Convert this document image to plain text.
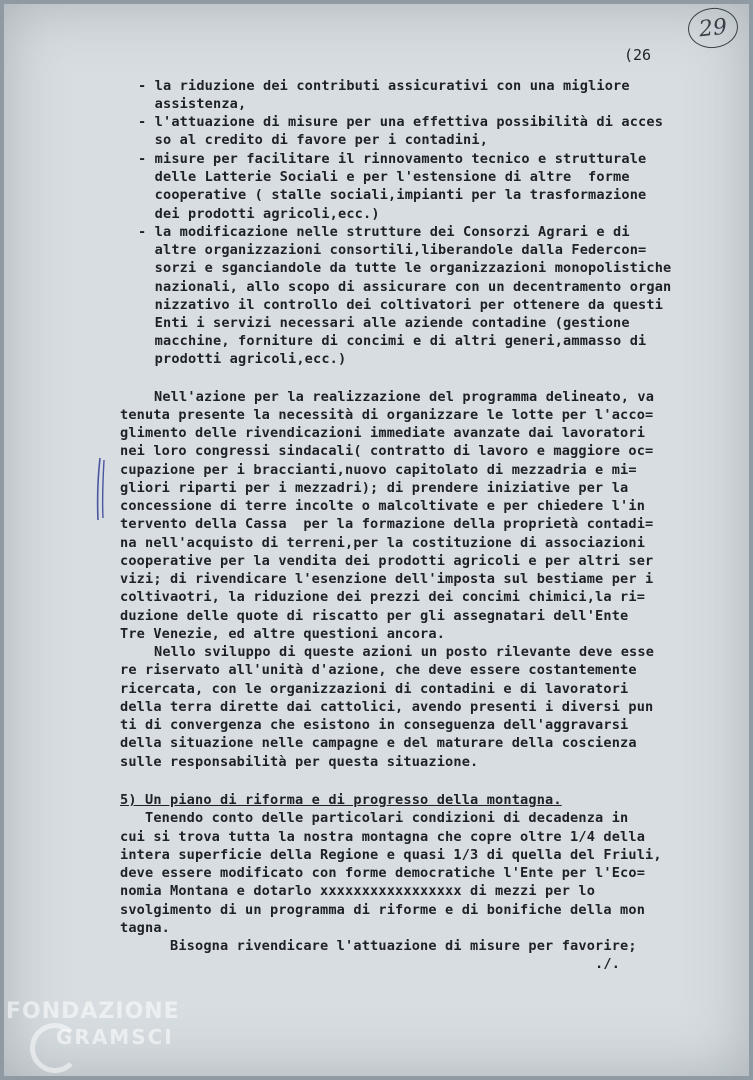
29
(26

- la riduzione dei contributi assicurativi con una migliore

assistenza,

- l'attuazione di misure per una effettiva possibilità di acces

so al credito di favore per i contadini,

- misure per facilitare il rinnovamento tecnico e strutturale

delle Latterie Sociali e per l'estensione di altre  forme

cooperative ( stalle sociali,impianti per la trasformazione

dei prodotti agricoli,ecc.)

- la modificazione nelle strutture dei Consorzi Agrari e di

altre organizzazioni consortili,liberandole dalla Federcon=

sorzi e sganciandole da tutte le organizzazioni monopolistiche

nazionali, allo scopo di assicurare con un decentramento organ

nizzativo il controllo dei coltivatori per ottenere da questi

Enti i servizi necessari alle aziende contadine (gestione

macchine, forniture di concimi e di altri generi,ammasso di

prodotti agricoli,ecc.)

Nell'azione per la realizzazione del programma delineato, va

tenuta presente la necessità di organizzare le lotte per l'acco=

glimento delle rivendicazioni immediate avanzate dai lavoratori

nei loro congressi sindacali( contratto di lavoro e maggiore oc=

cupazione per i braccianti,nuovo capitolato di mezzadria e mi=

gliori riparti per i mezzadri); di prendere iniziative per la

concessione di terre incolte o malcoltivate e per chiedere l'in

tervento della Cassa  per la formazione della proprietà contadi=

na nell'acquisto di terreni,per la costituzione di associazioni

cooperative per la vendita dei prodotti agricoli e per altri ser

vizi; di rivendicare l'esenzione dell'imposta sul bestiame per i

coltivaotri, la riduzione dei prezzi dei concimi chimici,la ri=

duzione delle quote di riscatto per gli assegnatari dell'Ente

Tre Venezie, ed altre questioni ancora.

Nello sviluppo di queste azioni un posto rilevante deve esse

re riservato all'unità d'azione, che deve essere costantemente

ricercata, con le organizzazioni di contadini e di lavoratori

della terra dirette dai cattolici, avendo presenti i diversi pun

ti di convergenza che esistono in conseguenza dell'aggravarsi

della situazione nelle campagne e del maturare della coscienza

sulle responsabilità per questa situazione.

5) Un piano di riforma e di progresso della montagna.

Tenendo conto delle particolari condizioni di decadenza in

cui si trova tutta la nostra montagna che copre oltre 1/4 della

intera superficie della Regione e quasi 1/3 di quella del Friuli,

deve essere modificato con forme democratiche l'Ente per l'Eco=

nomia Montana e dotarlo xxxxxxxxxxxxxxxxx di mezzi per lo

svolgimento di un programma di riforme e di bonifiche della mon

tagna.

Bisogna rivendicare l'attuazione di misure per favorire;

./.

FONDAZIONE
GRAMSCI
